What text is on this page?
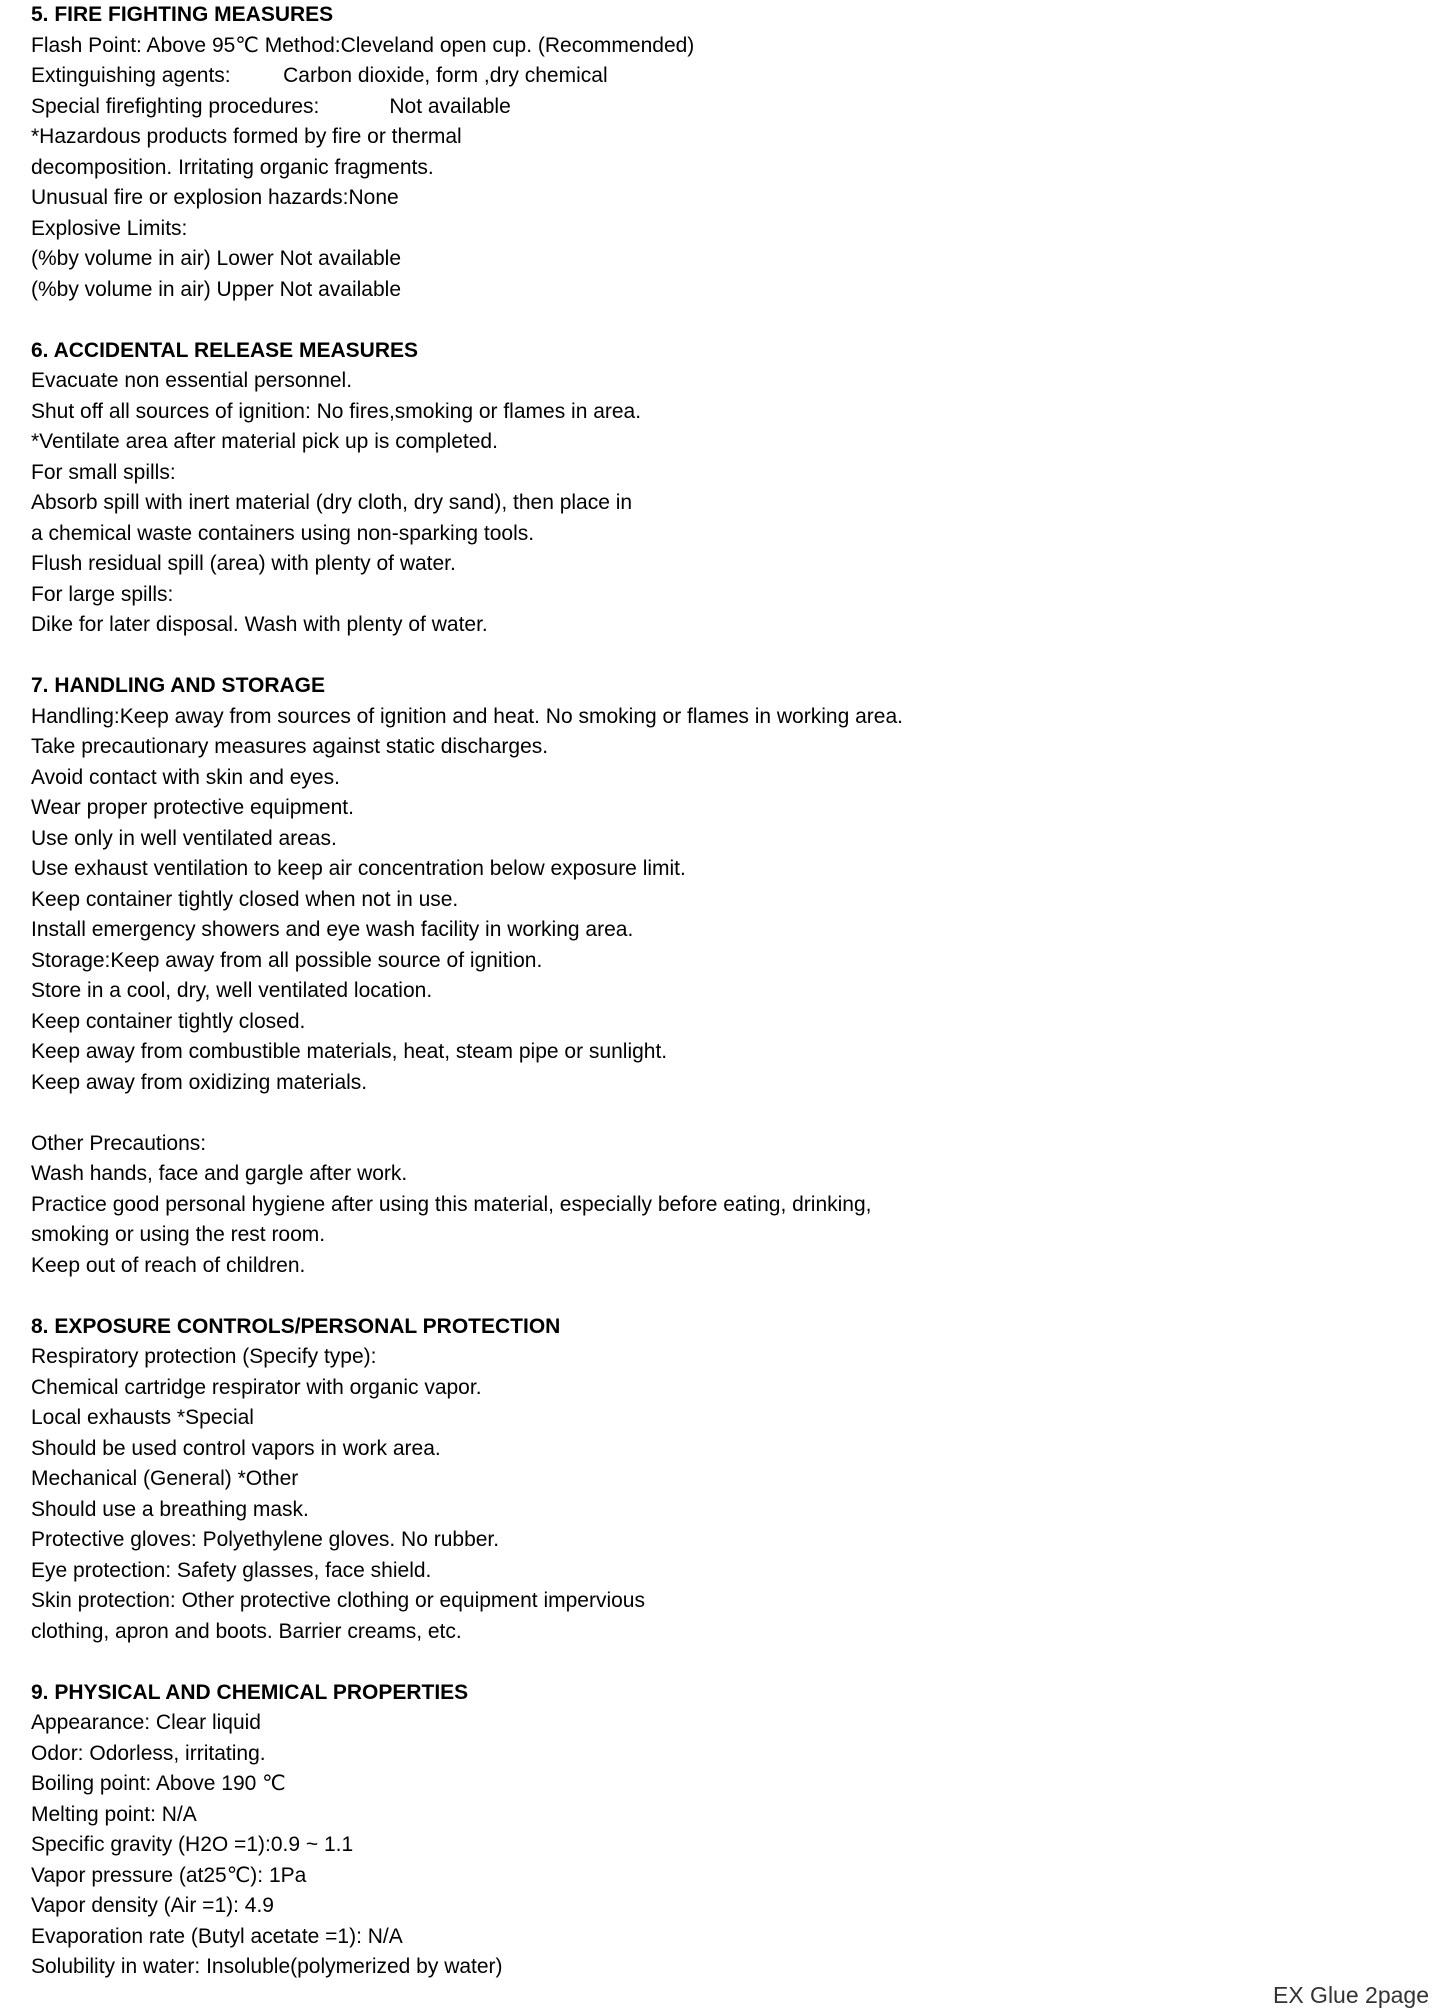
5. FIRE FIGHTING MEASURES
Flash Point: Above 95℃ Method:Cleveland open cup. (Recommended)
Extinguishing agents:         Carbon dioxide, form ,dry chemical
Special firefighting procedures:            Not available
*Hazardous products formed by fire or thermal
decomposition. Irritating organic fragments.
Unusual fire or explosion hazards:None
Explosive Limits:
(%by volume in air) Lower Not available
(%by volume in air) Upper Not available
6. ACCIDENTAL RELEASE MEASURES
Evacuate non essential personnel.
Shut off all sources of ignition: No fires,smoking or flames in area.
*Ventilate area after material pick up is completed.
For small spills:
Absorb spill with inert material (dry cloth, dry sand), then place in
a chemical waste containers using non-sparking tools.
Flush residual spill (area) with plenty of water.
For large spills:
Dike for later disposal. Wash with plenty of water.
7. HANDLING AND STORAGE
Handling:Keep away from sources of ignition and heat. No smoking or flames in working area.
Take precautionary measures against static discharges.
Avoid contact with skin and eyes.
Wear proper protective equipment.
Use only in well ventilated areas.
Use exhaust ventilation to keep air concentration below exposure limit.
Keep container tightly closed when not in use.
Install emergency showers and eye wash facility in working area.
Storage:Keep away from all possible source of ignition.
Store in a cool, dry, well ventilated location.
Keep container tightly closed.
Keep away from combustible materials, heat, steam pipe or sunlight.
Keep away from oxidizing materials.
Other Precautions:
Wash hands, face and gargle after work.
Practice good personal hygiene after using this material, especially before eating, drinking,
smoking or using the rest room.
Keep out of reach of children.
8. EXPOSURE CONTROLS/PERSONAL PROTECTION
Respiratory protection (Specify type):
Chemical cartridge respirator with organic vapor.
Local exhausts *Special
Should be used control vapors in work area.
Mechanical (General) *Other
Should use a breathing mask.
Protective gloves: Polyethylene gloves. No rubber.
Eye protection: Safety glasses, face shield.
Skin protection: Other protective clothing or equipment impervious
clothing, apron and boots. Barrier creams, etc.
9. PHYSICAL AND CHEMICAL PROPERTIES
Appearance: Clear liquid
Odor: Odorless, irritating.
Boiling point: Above 190 ℃
Melting point: N/A
Specific gravity (H2O =1):0.9 ~ 1.1
Vapor pressure (at25℃): 1Pa
Vapor density (Air =1): 4.9
Evaporation rate (Butyl acetate =1): N/A
Solubility in water: Insoluble(polymerized by water)
EX Glue 2page
